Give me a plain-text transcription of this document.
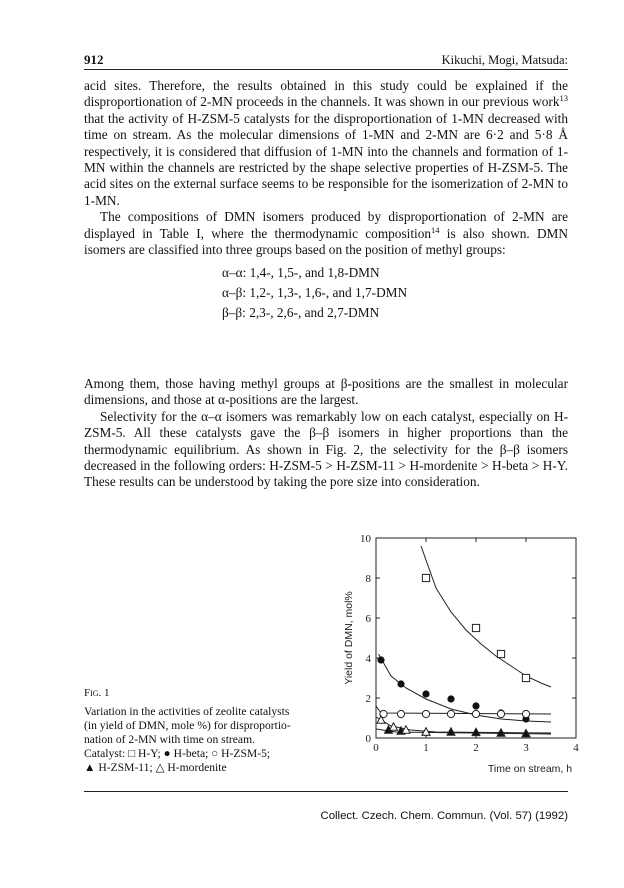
912	Kikuchi, Mogi, Matsuda:

acid sites. Therefore, the results obtained in this study could be explained if the disproportionation of 2-MN proceeds in the channels. It was shown in our previous work$^{13}$ that the activity of H-ZSM-5 catalysts for the disproportionation of 1-MN decreased with time on stream. As the molecular dimensions of 1-MN and 2-MN are 6·2 and 5·8 Å respectively, it is considered that diffusion of 1-MN into the channels and formation of 1-MN within the channels are restricted by the shape selective properties of H-ZSM-5. The acid sites on the external surface seems to be responsible for the isomerization of 2-MN to 1-MN.

The compositions of DMN isomers produced by disproportionation of 2-MN are displayed in Table I, where the thermodynamic composition$^{14}$ is also shown. DMN isomers are classified into three groups based on the position of methyl groups:

α–α: 1,4-, 1,5-, and 1,8-DMN
α–β: 1,2-, 1,3-, 1,6-, and 1,7-DMN
β–β: 2,3-, 2,6-, and 2,7-DMN

Among them, those having methyl groups at β-positions are the smallest in molecular dimensions, and those at α-positions are the largest.

Selectivity for the α–α isomers was remarkably low on each catalyst, especially on H-ZSM-5. All these catalysts gave the β–β isomers in higher proportions than the thermodynamic equilibrium. As shown in Fig. 2, the selectivity for the β–β isomers decreased in the following orders: H-ZSM-5 > H-ZSM-11 > H-mordenite > H-beta > H-Y. These results can be understood by taking the pore size into consideration.

Fig. 1
Variation in the activities of zeolite catalysts
(in yield of DMN, mole %) for disproportio-
nation of 2-MN with time on stream.
Catalyst: □ H-Y; ● H-beta; ○ H-ZSM-5;
▲ H-ZSM-11; △ H-mordenite
0	1	2	3	4
0
2
4
6
8
10
Time on stream, h
Yield of DMN, mol%
Collect. Czech. Chem. Commun. (Vol. 57) (1992)
